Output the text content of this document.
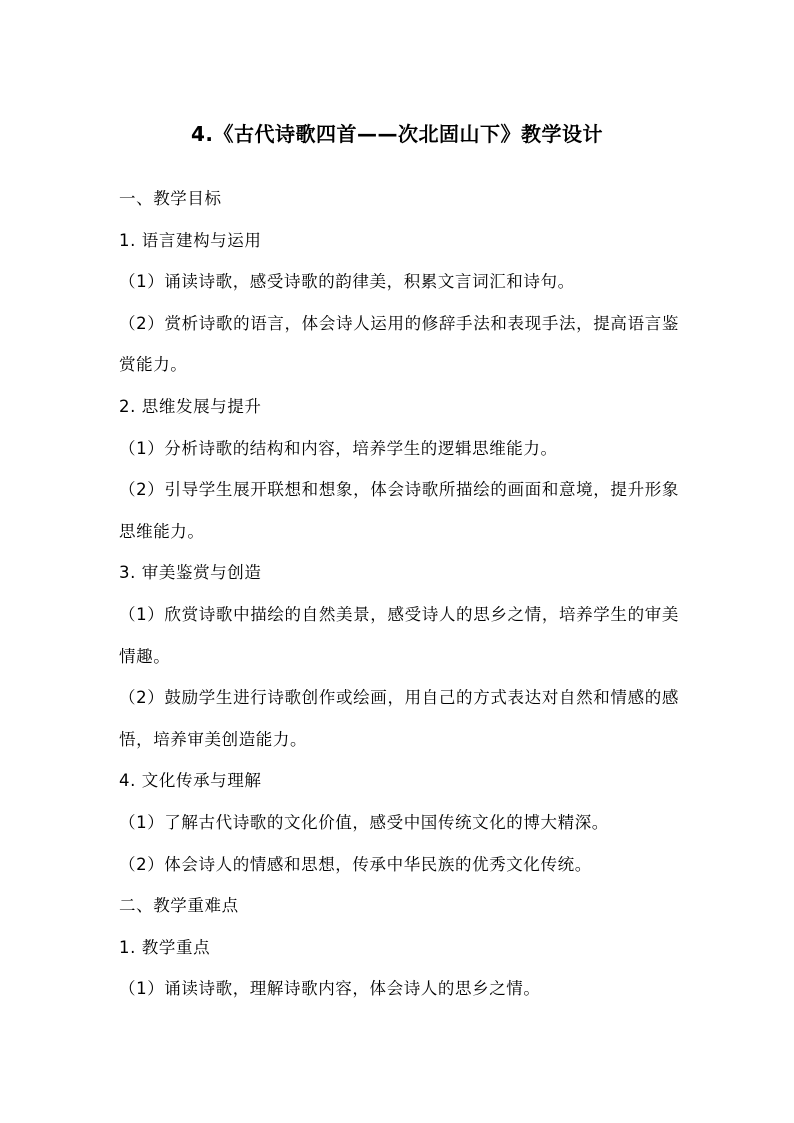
4.《古代诗歌四首——次北固山下》教学设计

一、教学目标

1. 语言建构与运用

（1）诵读诗歌，感受诗歌的韵律美，积累文言词汇和诗句。

（2）赏析诗歌的语言，体会诗人运用的修辞手法和表现手法，提高语言鉴赏能力。

2. 思维发展与提升

（1）分析诗歌的结构和内容，培养学生的逻辑思维能力。

（2）引导学生展开联想和想象，体会诗歌所描绘的画面和意境，提升形象思维能力。

3. 审美鉴赏与创造

（1）欣赏诗歌中描绘的自然美景，感受诗人的思乡之情，培养学生的审美情趣。

（2）鼓励学生进行诗歌创作或绘画，用自己的方式表达对自然和情感的感悟，培养审美创造能力。

4. 文化传承与理解

（1）了解古代诗歌的文化价值，感受中国传统文化的博大精深。

（2）体会诗人的情感和思想，传承中华民族的优秀文化传统。

二、教学重难点

1. 教学重点

（1）诵读诗歌，理解诗歌内容，体会诗人的思乡之情。
